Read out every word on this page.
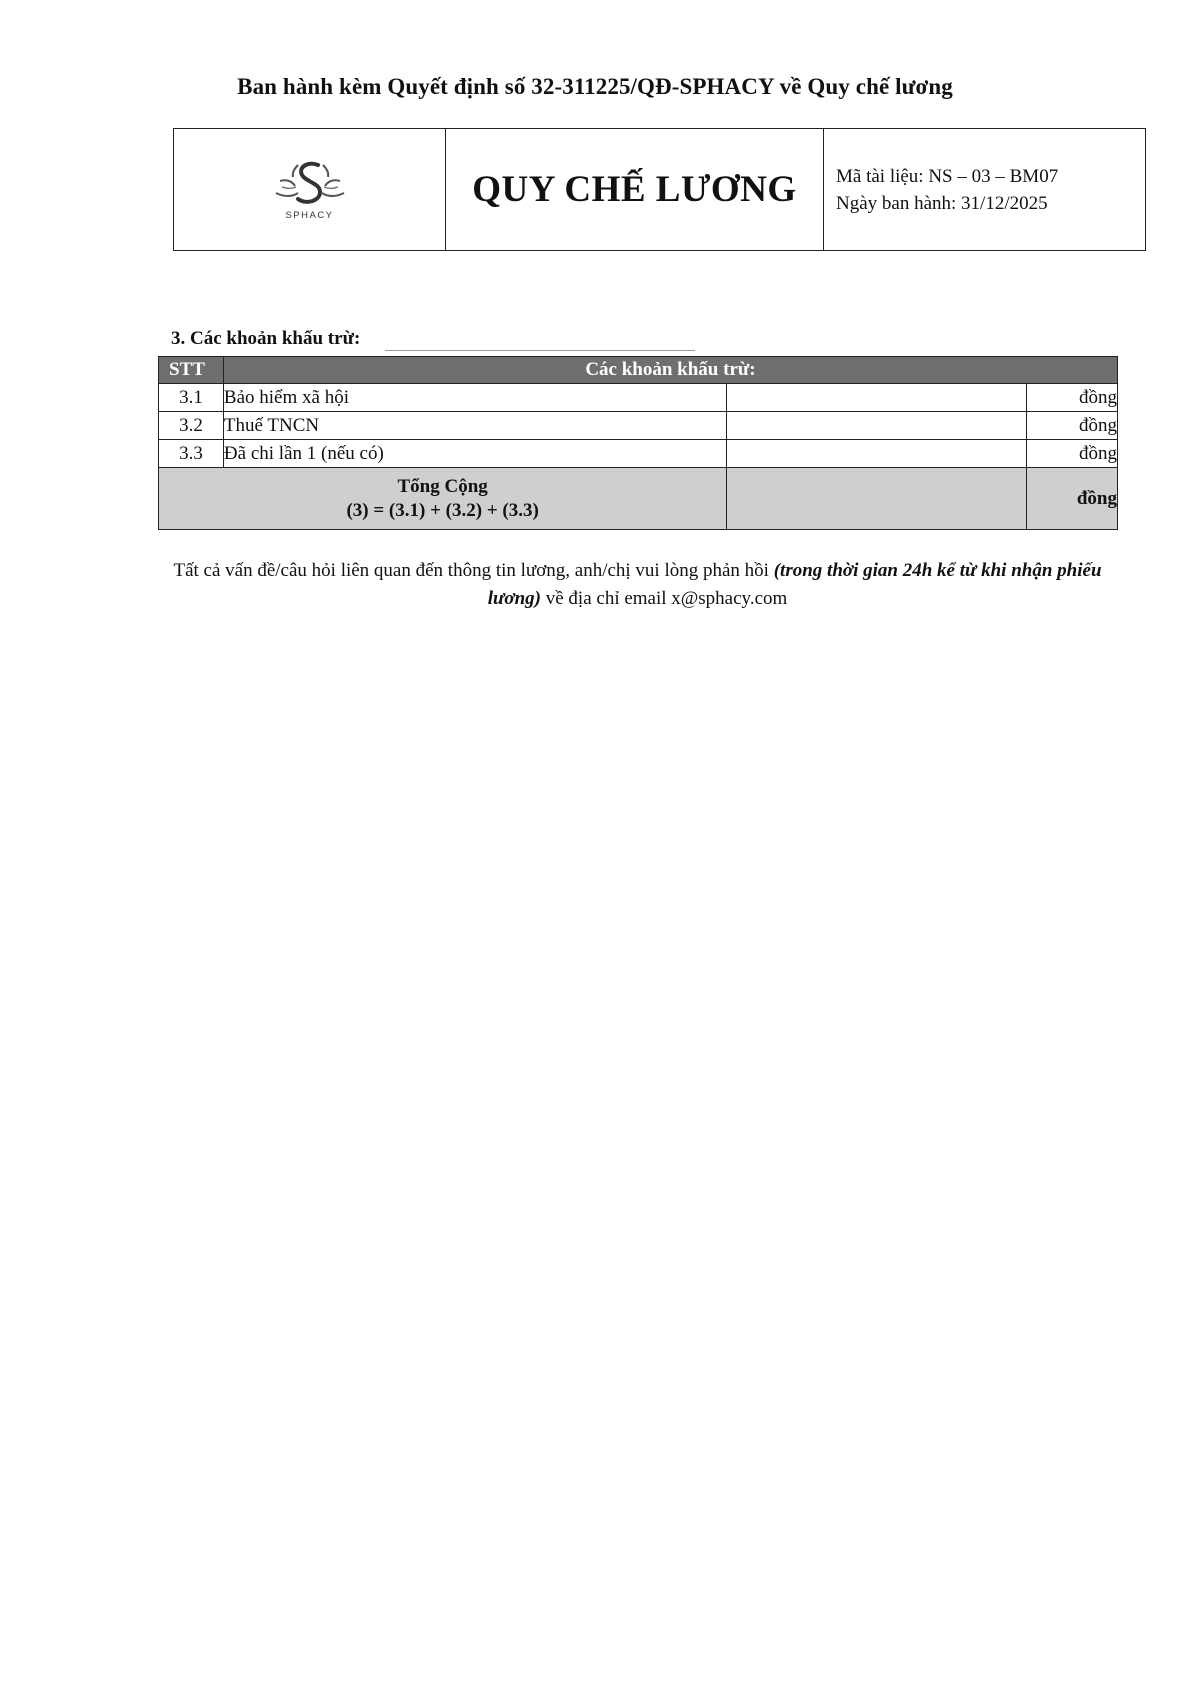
Ban hành kèm Quyết định số 32-311225/QĐ-SPHACY về Quy chế lương
SPHACY
QUY CHẾ LƯƠNG	Mã tài liệu: NS – 03 – BM07
Ngày ban hành: 31/12/2025
3. Các khoản khấu trừ:
STT	Các khoản khấu trừ:		
3.1	Bảo hiểm xã hội		đồng
3.2	Thuế TNCN		đồng
3.3	Đã chi lần 1 (nếu có)		đồng

Tổng Cộng
(3) = (3.1) + (3.2) + (3.3)			đồng
Tất cả vấn đề/câu hỏi liên quan đến thông tin lương, anh/chị vui lòng phản hồi (trong thời gian 24h kể từ khi nhận phiếu lương) về địa chỉ email x@sphacy.com
